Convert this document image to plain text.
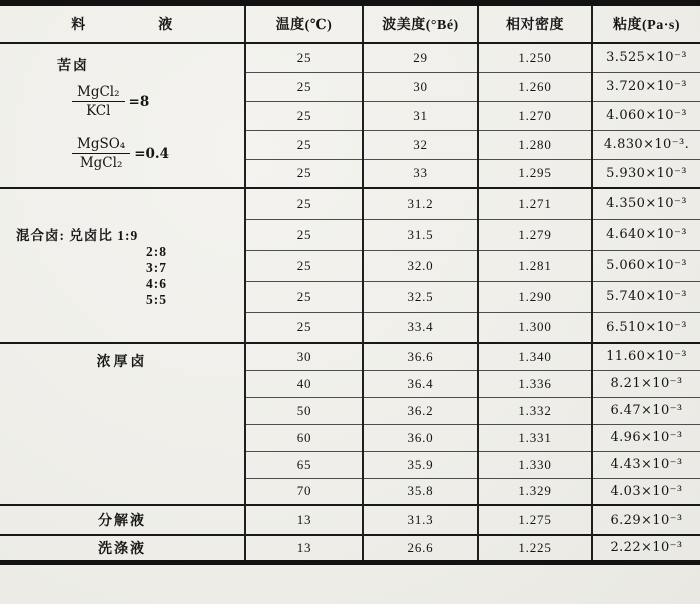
料　　　　　液	温度(℃)	波美度(°Bé)	相对密度	粘度(Pa·s)

苦卤
$\frac{\text{MgCl₂}}{\text{KCl}} =8$
$\frac{\text{MgSO₄}}{\text{MgCl₂}} =0.4$
	25	29	1.250	3.525×10⁻³
	25	30	1.260	3.720×10⁻³
	25	31	1.270	4.060×10⁻³
	25	32	1.280	4.830×10⁻³.
	25	33	1.295	5.930×10⁻³

混合卤: 兑卤比 1:9
2:8
3:7
4:6
5:5	25	31.2	1.271	4.350×10⁻³
	25	31.5	1.279	4.640×10⁻³
	25	32.0	1.281	5.060×10⁻³
	25	32.5	1.290	5.740×10⁻³
	25	33.4	1.300	6.510×10⁻³

浓厚卤	30	36.6	1.340	11.60×10⁻³
	40	36.4	1.336	8.21×10⁻³
	50	36.2	1.332	6.47×10⁻³
	60	36.0	1.331	4.96×10⁻³
	65	35.9	1.330	4.43×10⁻³
	70	35.8	1.329	4.03×10⁻³
分解液	13	31.3	1.275	6.29×10⁻³
洗涤液	13	26.6	1.225	2.22×10⁻³
